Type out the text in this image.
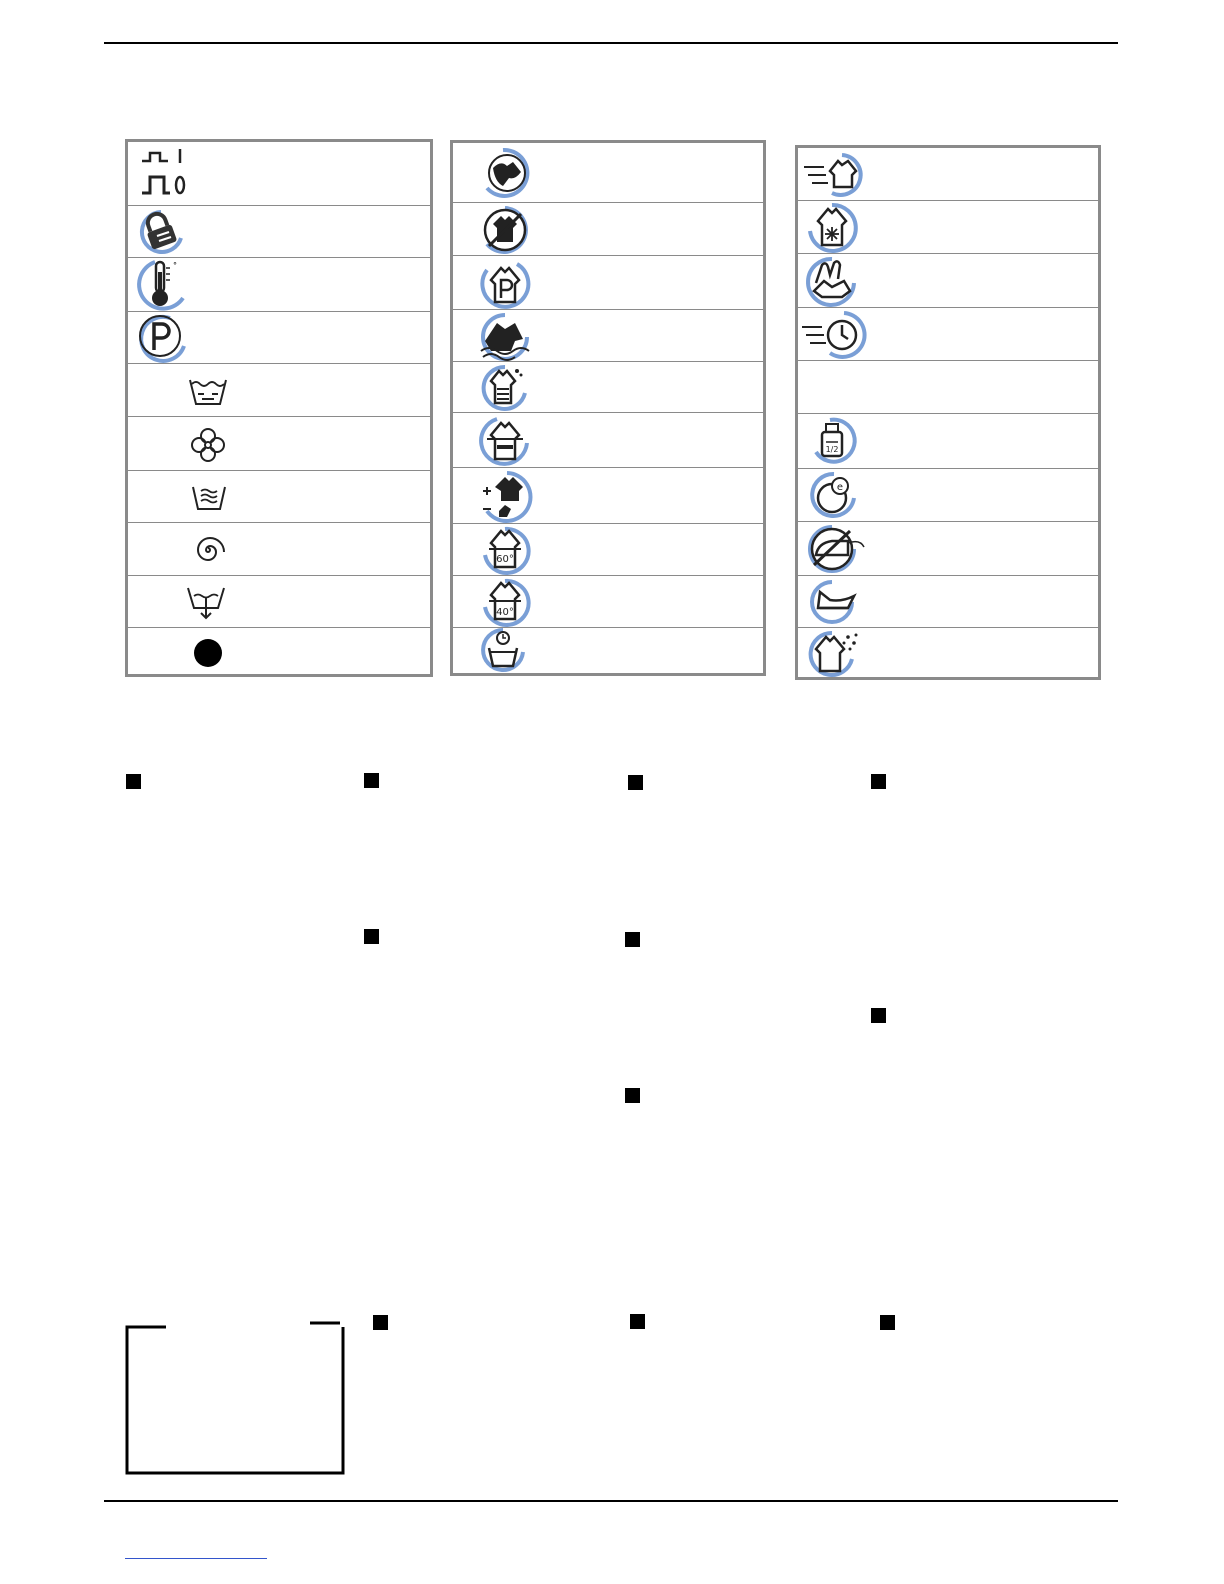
°
60°
40°
1/2
e
